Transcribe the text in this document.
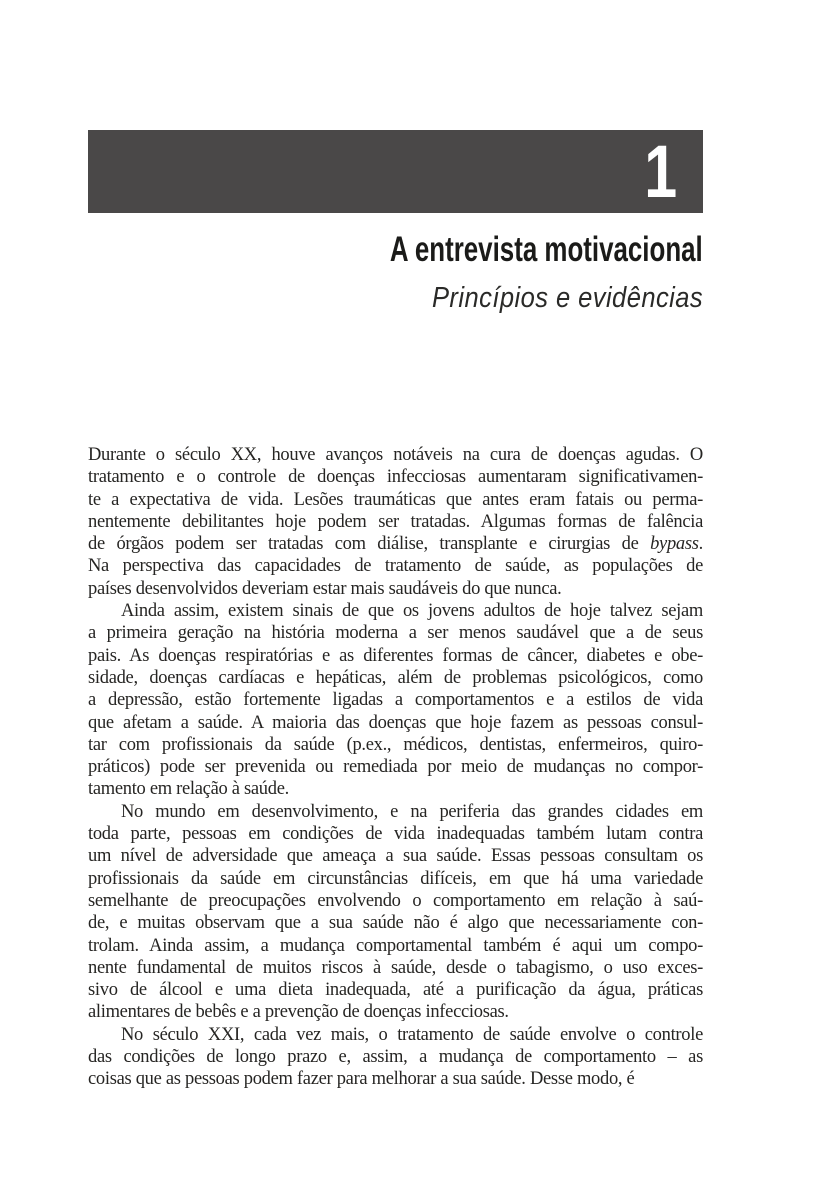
1
A entrevista motivacional
Princípios e evidências
Durante o século XX, houve avanços notáveis na cura de doenças agudas. O
tratamento e o controle de doenças infecciosas aumentaram significativamen-
te a expectativa de vida. Lesões traumáticas que antes eram fatais ou perma-
nentemente debilitantes hoje podem ser tratadas. Algumas formas de falência
de órgãos podem ser tratadas com diálise, transplante e cirurgias de bypass.
Na perspectiva das capacidades de tratamento de saúde, as populações de
países desenvolvidos deveriam estar mais saudáveis do que nunca.
Ainda assim, existem sinais de que os jovens adultos de hoje talvez sejam
a primeira geração na história moderna a ser menos saudável que a de seus
pais. As doenças respiratórias e as diferentes formas de câncer, diabetes e obe-
sidade, doenças cardíacas e hepáticas, além de problemas psicológicos, como
a depressão, estão fortemente ligadas a comportamentos e a estilos de vida
que afetam a saúde. A maioria das doenças que hoje fazem as pessoas consul-
tar com profissionais da saúde (p.ex., médicos, dentistas, enfermeiros, quiro-
práticos) pode ser prevenida ou remediada por meio de mudanças no compor-
tamento em relação à saúde.
No mundo em desenvolvimento, e na periferia das grandes cidades em
toda parte, pessoas em condições de vida inadequadas também lutam contra
um nível de adversidade que ameaça a sua saúde. Essas pessoas consultam os
profissionais da saúde em circunstâncias difíceis, em que há uma variedade
semelhante de preocupações envolvendo o comportamento em relação à saú-
de, e muitas observam que a sua saúde não é algo que necessariamente con-
trolam. Ainda assim, a mudança comportamental também é aqui um compo-
nente fundamental de muitos riscos à saúde, desde o tabagismo, o uso exces-
sivo de álcool e uma dieta inadequada, até a purificação da água, práticas
alimentares de bebês e a prevenção de doenças infecciosas.
No século XXI, cada vez mais, o tratamento de saúde envolve o controle
das condições de longo prazo e, assim, a mudança de comportamento – as
coisas que as pessoas podem fazer para melhorar a sua saúde. Desse modo, é
